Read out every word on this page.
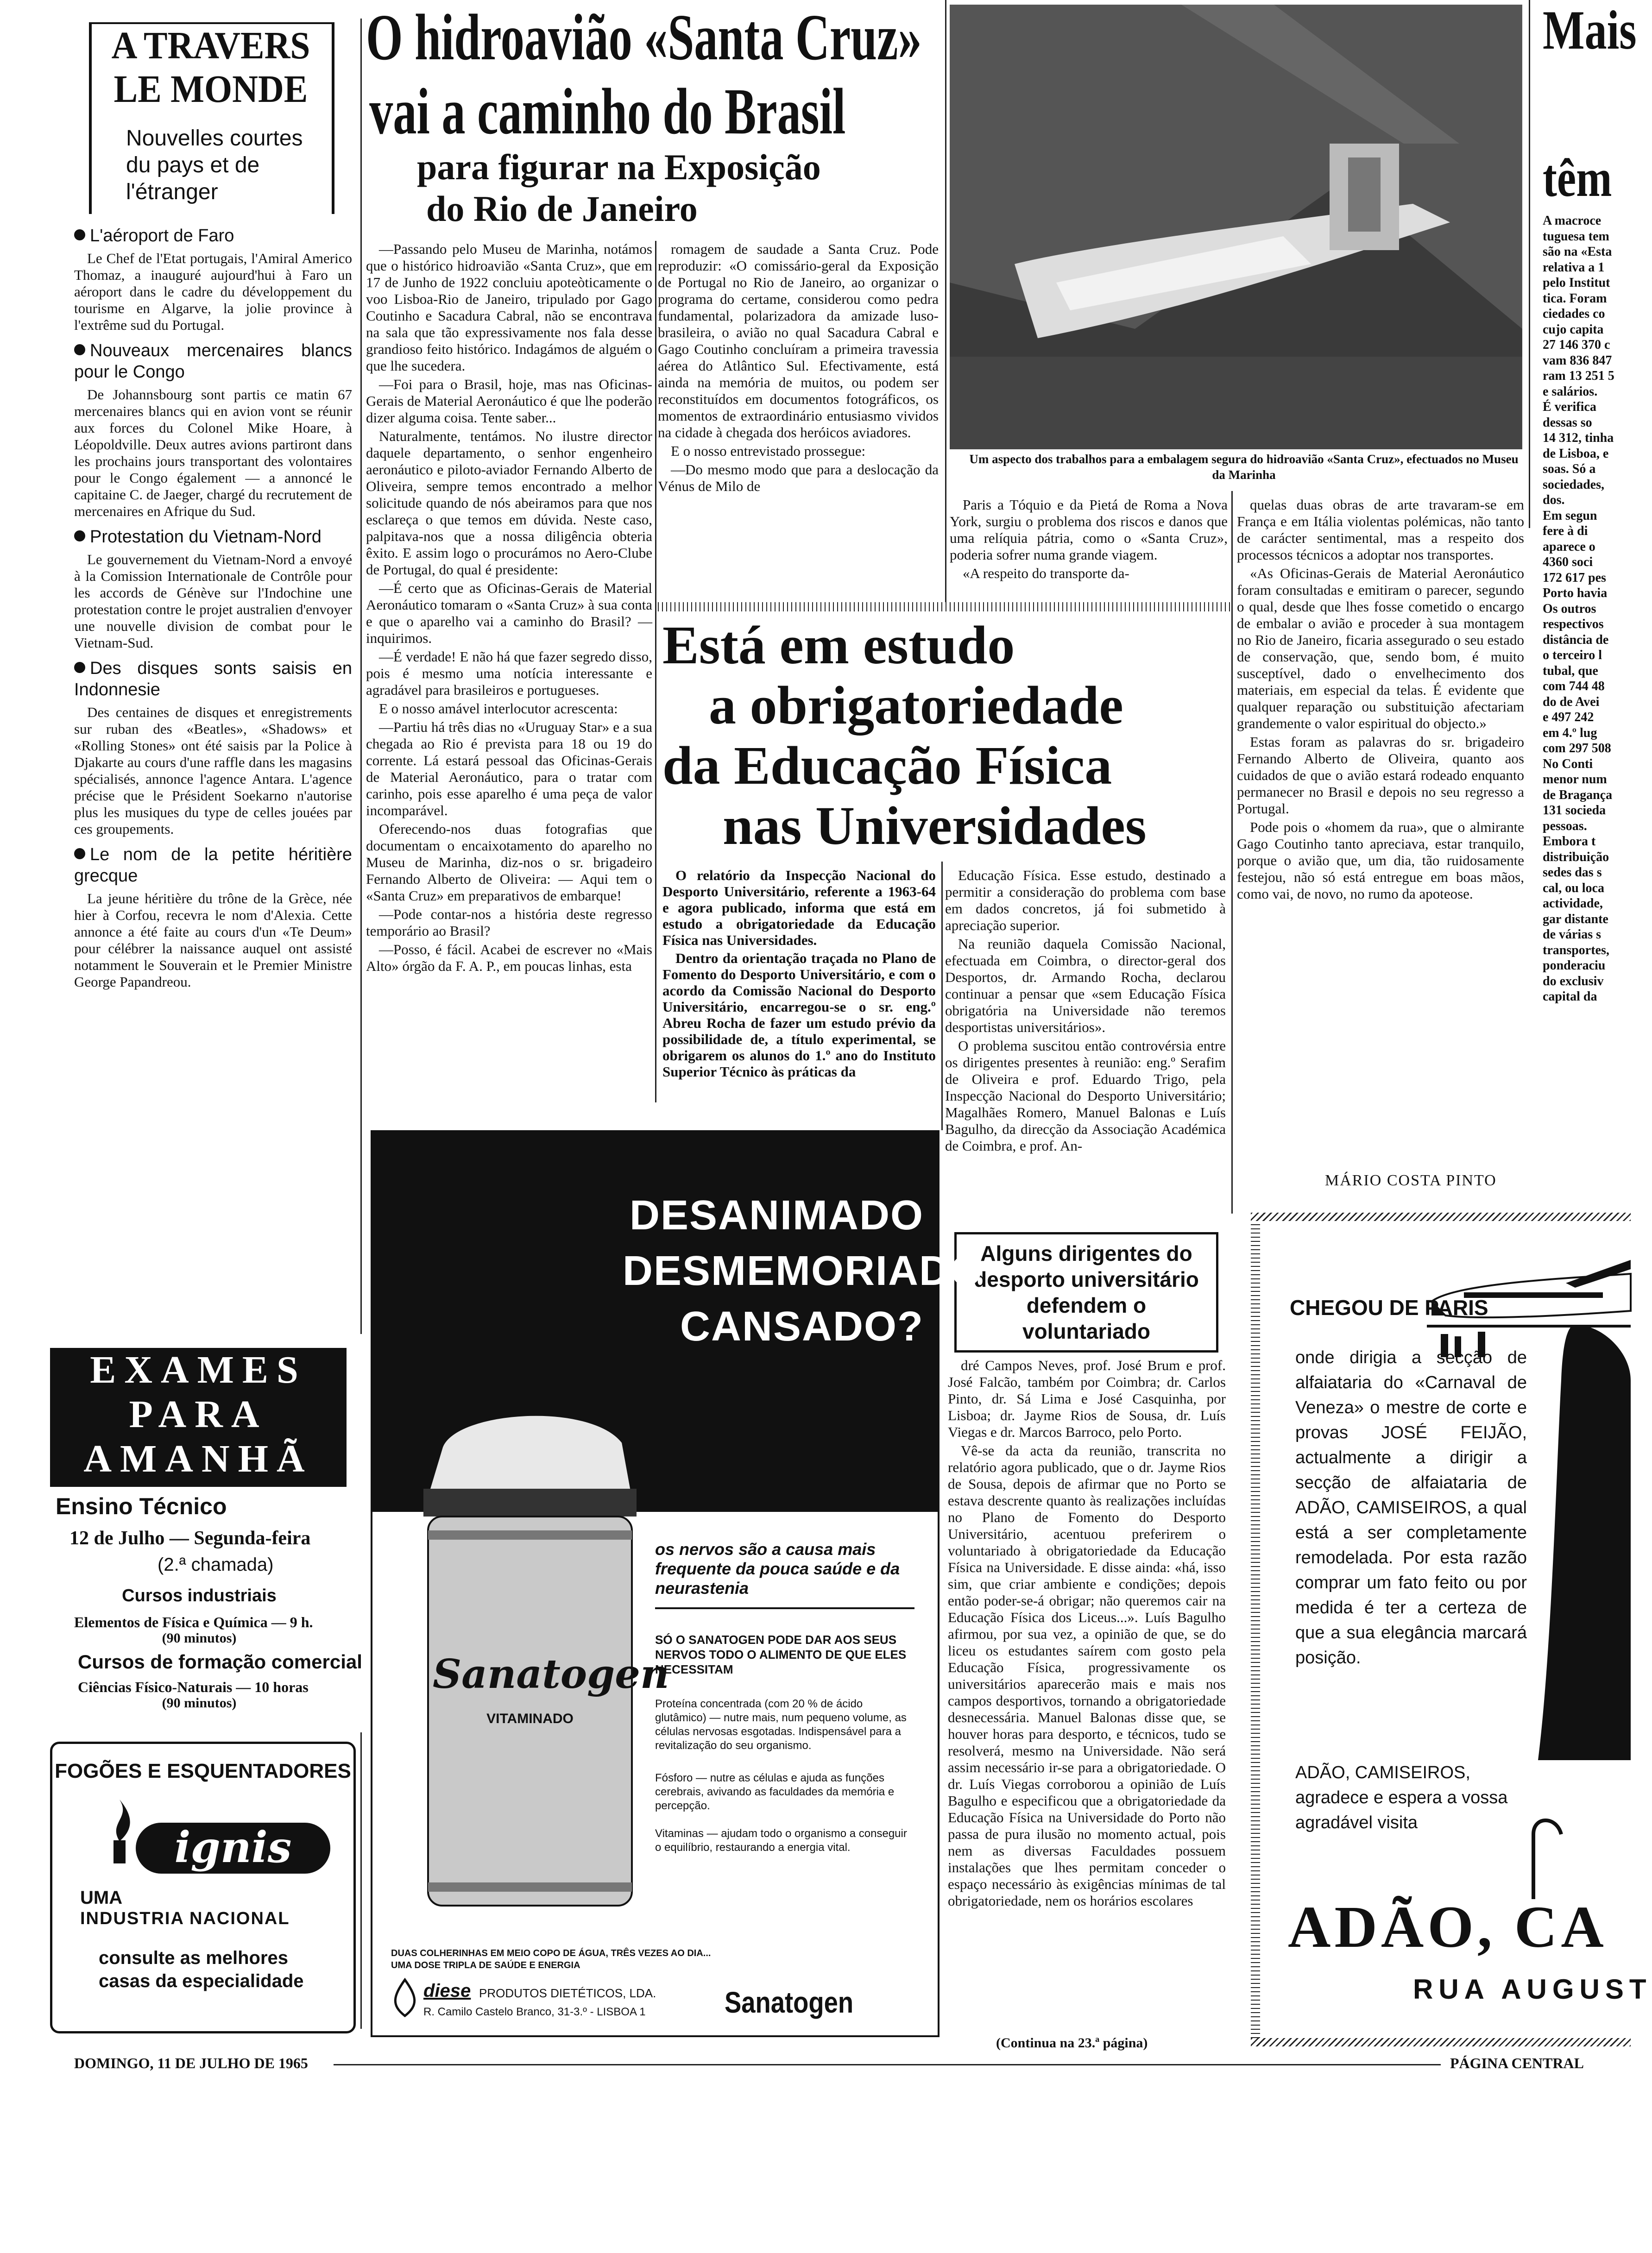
A TRAVERS
LE MONDE
Nouvelles courtes du pays et de l'étranger
L'aéroport de Faro

Le Chef de l'Etat portugais, l'Amiral Americo Thomaz, a inauguré aujourd'hui à Faro un aéroport dans le cadre du développement du tourisme en Algarve, la jolie province à l'extrême sud du Portugal.

Nouveaux mercenaires blancs pour le Congo

De Johannsbourg sont partis ce matin 67 mercenaires blancs qui en avion vont se réunir aux forces du Colonel Mike Hoare, à Léopoldville. Deux autres avions partiront dans les prochains jours transportant des volontaires pour le Congo également — a annoncé le capitaine C. de Jaeger, chargé du recrutement de mercenaires en Afrique du Sud.

Protestation du Vietnam-Nord

Le gouvernement du Vietnam-Nord a envoyé à la Comission Internationale de Contrôle pour les accords de Génève sur l'Indochine une protestation contre le projet australien d'envoyer une nouvelle division de combat pour le Vietnam-Sud.

Des disques sonts saisis en Indonnesie

Des centaines de disques et enregistrements sur ruban des «Beatles», «Shadows» et «Rolling Stones» ont été saisis par la Police à Djakarte au cours d'une raffle dans les magasins spécialisés, annonce l'agence Antara. L'agence précise que le Président Soekarno n'autorise plus les musiques du type de celles jouées par ces groupements.

Le nom de la petite héritière grecque

La jeune héritière du trône de la Grèce, née hier à Corfou, recevra le nom d'Alexia. Cette annonce a été faite au cours d'un «Te Deum» pour célébrer la naissance auquel ont assisté notamment le Souverain et le Premier Ministre George Papandreou.

EXAMES
PARA
AMANHÃ
Ensino Técnico
12 de Julho — Segunda-feira
(2.ª chamada)
Cursos industriais
Elementos de Física e Química — 9 h.
(90 minutos)
Cursos de formação comercial
Ciências Físico-Naturais — 10 horas
(90 minutos)
FOGÕES E ESQUENTADORES
ignis
UMA
INDUSTRIA NACIONAL
consulte as melhores
casas da especialidade
O hidroavião «Santa Cruz»
vai a caminho do Brasil
para figurar na Exposição
do Rio de Janeiro

—Passando pelo Museu de Marinha, notámos que o histórico hidroavião «Santa Cruz», que em 17 de Junho de 1922 concluiu apoteòticamente o voo Lisboa-Rio de Janeiro, tripulado por Gago Coutinho e Sacadura Cabral, não se encontrava na sala que tão expressivamente nos fala desse grandioso feito histórico. Indagámos de alguém o que lhe sucedera.

—Foi para o Brasil, hoje, mas nas Oficinas-Gerais de Material Aeronáutico é que lhe poderão dizer alguma coisa. Tente saber...

Naturalmente, tentámos. No ilustre director daquele departamento, o senhor engenheiro aeronáutico e piloto-aviador Fernando Alberto de Oliveira, sempre temos encontrado a melhor solicitude quando de nós abeiramos para que nos esclareça o que temos em dúvida. Neste caso, palpitava-nos que a nossa diligência obteria êxito. E assim logo o procurámos no Aero-Clube de Portugal, do qual é presidente:

—É certo que as Oficinas-Gerais de Material Aeronáutico tomaram o «Santa Cruz» à sua conta e que o aparelho vai a caminho do Brasil? — inquirimos.

—É verdade! E não há que fazer segredo disso, pois é mesmo uma notícia interessante e agradável para brasileiros e portugueses.

E o nosso amável interlocutor acrescenta:

—Partiu há três dias no «Uruguay Star» e a sua chegada ao Rio é prevista para 18 ou 19 do corrente. Lá estará pessoal das Oficinas-Gerais de Material Aeronáutico, para o tratar com carinho, pois esse aparelho é uma peça de valor incomparável.

Oferecendo-nos duas fotografias que documentam o encaixotamento do aparelho no Museu de Marinha, diz-nos o sr. brigadeiro Fernando Alberto de Oliveira: — Aqui tem o «Santa Cruz» em preparativos de embarque!

—Pode contar-nos a história deste regresso temporário ao Brasil?

—Posso, é fácil. Acabei de escrever no «Mais Alto» órgão da F. A. P., em poucas linhas, esta

romagem de saudade a Santa Cruz. Pode reproduzir: «O comissário-geral da Exposição de Portugal no Rio de Janeiro, ao organizar o programa do certame, considerou como pedra fundamental, polarizadora da amizade luso-brasileira, o avião no qual Sacadura Cabral e Gago Coutinho concluíram a primeira travessia aérea do Atlântico Sul. Efectivamente, está ainda na memória de muitos, ou podem ser reconstituídos em documentos fotográficos, os momentos de extraordinário entusiasmo vividos na cidade à chegada dos heróicos aviadores.

E o nosso entrevistado prossegue:

—Do mesmo modo que para a deslocação da Vénus de Milo de

Um aspecto dos trabalhos para a embalagem segura do hidroavião «Santa Cruz», efectuados no Museu da Marinha

Paris a Tóquio e da Pietá de Roma a Nova York, surgiu o problema dos riscos e danos que uma relíquia pátria, como o «Santa Cruz», poderia sofrer numa grande viagem.

«A respeito do transporte da-

quelas duas obras de arte travaram-se em França e em Itália violentas polémicas, não tanto de carácter sentimental, mas a respeito dos processos técnicos a adoptar nos transportes.

«As Oficinas-Gerais de Material Aeronáutico foram consultadas e emitiram o parecer, segundo o qual, desde que lhes fosse cometido o encargo de embalar o avião e proceder à sua montagem no Rio de Janeiro, ficaria assegurado o seu estado de conservação, que, sendo bom, é muito susceptível, dado o envelhecimento dos materiais, em especial da telas. É evidente que qualquer reparação ou substituição afectariam grandemente o valor espiritual do objecto.»

Estas foram as palavras do sr. brigadeiro Fernando Alberto de Oliveira, quanto aos cuidados de que o avião estará rodeado enquanto permanecer no Brasil e depois no seu regresso a Portugal.

Pode pois o «homem da rua», que o almirante Gago Coutinho tanto apreciava, estar tranquilo, porque o avião que, um dia, tão ruidosamente festejou, não só está entregue em boas mãos, como vai, de novo, no rumo da apoteose.

MÁRIO COSTA PINTO
Está em estudo
a obrigatoriedade
da Educação Física
nas Universidades

O relatório da Inspecção Nacional do Desporto Universitário, referente a 1963-64 e agora publicado, informa que está em estudo a obrigatoriedade da Educação Física nas Universidades.

Dentro da orientação traçada no Plano de Fomento do Desporto Universitário, e com o acordo da Comissão Nacional do Desporto Universitário, encarregou-se o sr. eng.º Abreu Rocha de fazer um estudo prévio da possibilidade de, a título experimental, se obrigarem os alunos do 1.º ano do Instituto Superior Técnico às práticas da

Educação Física. Esse estudo, destinado a permitir a consideração do problema com base em dados concretos, já foi submetido à apreciação superior.

Na reunião daquela Comissão Nacional, efectuada em Coimbra, o director-geral dos Desportos, dr. Armando Rocha, declarou continuar a pensar que «sem Educação Física obrigatória na Universidade não teremos desportistas universitários».

O problema suscitou então controvérsia entre os dirigentes presentes à reunião: eng.º Serafim de Oliveira e prof. Eduardo Trigo, pela Inspecção Nacional do Desporto Universitário; Magalhães Romero, Manuel Balonas e Luís Bagulho, da direcção da Associação Académica de Coimbra, e prof. An-

Alguns dirigentes do desporto universitário defendem o voluntariado

dré Campos Neves, prof. José Brum e prof. José Falcão, também por Coimbra; dr. Carlos Pinto, dr. Sá Lima e José Casquinha, por Lisboa; dr. Jayme Rios de Sousa, dr. Luís Viegas e dr. Marcos Barroco, pelo Porto.

Vê-se da acta da reunião, transcrita no relatório agora publicado, que o dr. Jayme Rios de Sousa, depois de afirmar que no Porto se estava descrente quanto às realizações incluídas no Plano de Fomento do Desporto Universitário, acentuou preferirem o voluntariado à obrigatoriedade da Educação Física na Universidade. E disse ainda: «há, isso sim, que criar ambiente e condições; depois então poder-se-á obrigar; não queremos cair na Educação Física dos Liceus...». Luís Bagulho afirmou, por sua vez, a opinião de que, se do liceu os estudantes saírem com gosto pela Educação Física, progressivamente os universitários aparecerão mais e mais nos campos desportivos, tornando a obrigatoriedade desnecessária. Manuel Balonas disse que, se houver horas para desporto, e técnicos, tudo se resolverá, mesmo na Universidade. Não será assim necessário ir-se para a obrigatoriedade. O dr. Luís Viegas corroborou a opinião de Luís Bagulho e especificou que a obrigatoriedade da Educação Física na Universidade do Porto não passa de pura ilusão no momento actual, pois nem as diversas Faculdades possuem instalações que lhes permitam conceder o espaço necessário às exigências mínimas de tal obrigatoriedade, nem os horários escolares

(Continua na 23.ª página)
DESANIMADO
DESMEMORIADO
CANSADO?
Sanatogen
VITAMINADO
os nervos são a causa mais frequente da pouca saúde e da neurastenia
SÓ O SANATOGEN PODE DAR AOS SEUS NERVOS TODO O ALIMENTO DE QUE ELES NECESSITAM
Proteína concentrada (com 20 % de ácido glutâmico) — nutre mais, num pequeno volume, as células nervosas esgotadas. Indispensável para a revitalização do seu organismo.
Fósforo — nutre as células e ajuda as funções cerebrais, avivando as faculdades da memória e percepção.
Vitaminas — ajudam todo o organismo a conseguir o equilíbrio, restaurando a energia vital.
DUAS COLHERINHAS EM MEIO COPO DE ÁGUA, TRÊS VEZES AO DIA... UMA DOSE TRIPLA DE SAÚDE E ENERGIA
diese PRODUTOS DIETÉTICOS, LDA.
R. Camilo Castelo Branco, 31-3.º - LISBOA 1	Sanatogen
Mais
têm
A macroce
tuguesa tem
são na «Esta
relativa a 1
pelo Institut
tica. Foram
ciedades co
cujo capita
27 146 370 c
vam 836 847
ram 13 251 5
e salários.
É verifica
dessas so
14 312, tinha
de Lisboa, e
soas. Só a
sociedades,
dos.
Em segun
fere à di
aparece o
4360 soci
172 617 pes
Porto havia
Os outros
respectivos
distância de
o terceiro l
tubal, que
com 744 48
do de Avei
e 497 242
em 4.º lug
com 297 508
No Conti
menor num
de Bragança
131 socieda
pessoas.
Embora t
distribuição
sedes das s
cal, ou loca
actividade,
gar distante
de várias s
transportes,
ponderaciu
do exclusiv
capital da
CHEGOU DE PARIS
onde dirigia a secção de alfaiataria do «Carnaval de Veneza» o mestre de corte e provas JOSÉ FEIJÃO, actualmente a dirigir a secção de alfaiataria de ADÃO, CAMISEIROS, a qual está a ser completamente remodelada. Por esta razão comprar um fato feito ou por medida é ter a certeza de que a sua elegância marcará posição.
ADÃO, CAMISEIROS, agradece e espera a vossa agradável visita
ADÃO, CA
RUA AUGUST
DOMINGO, 11 DE JULHO DE 1965	PÁGINA CENTRAL
